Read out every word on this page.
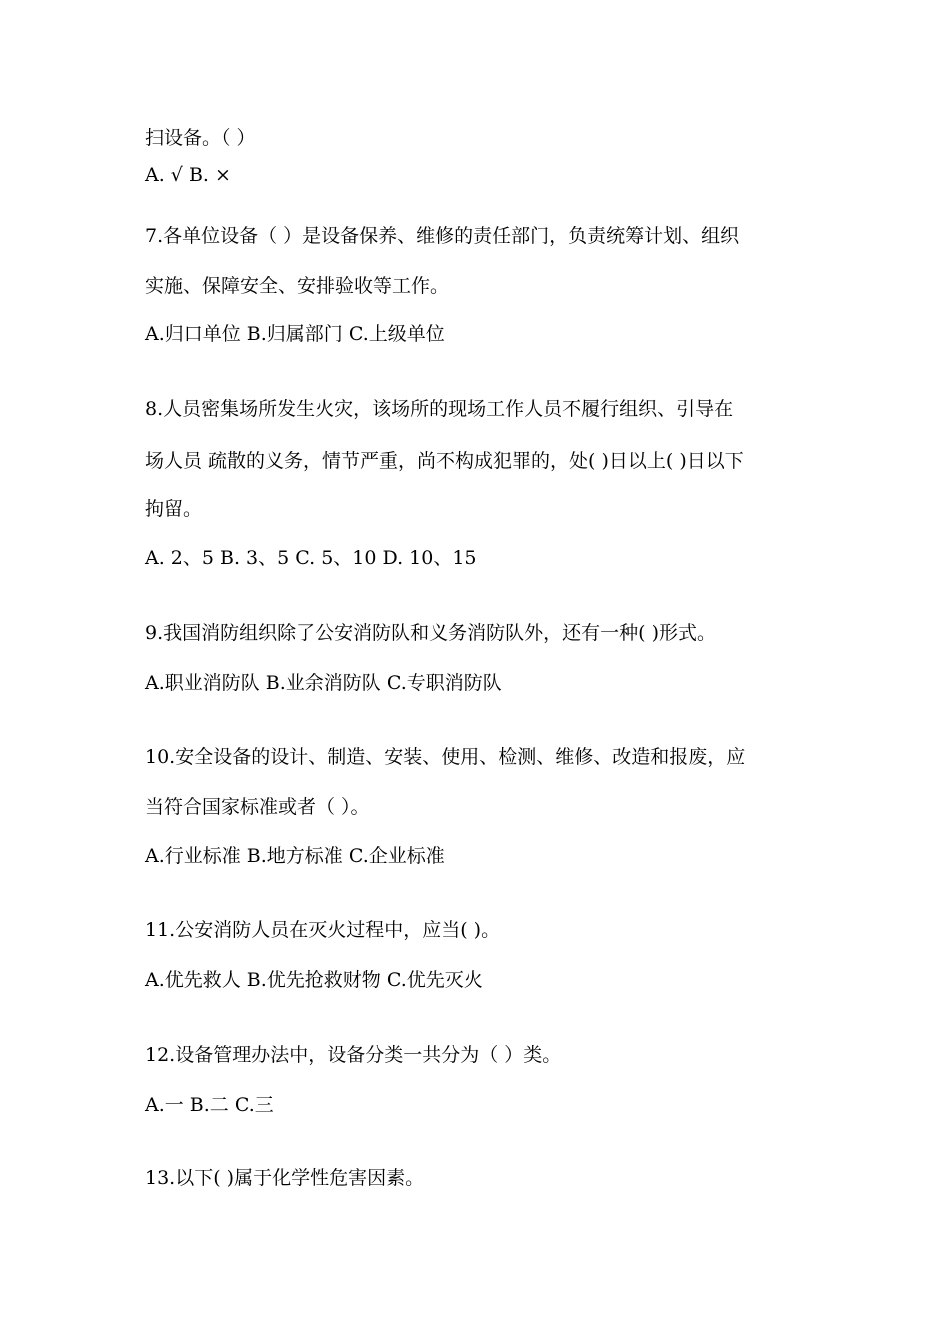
扫设备。（ ）
A. √ B. ×
7.各单位设备（ ）是设备保养、维修的责任部门，负责统筹计划、组织
实施、保障安全、安排验收等工作。
A.归口单位 B.归属部门 C.上级单位
8.人员密集场所发生火灾，该场所的现场工作人员不履行组织、引导在
场人员 疏散的义务，情节严重，尚不构成犯罪的，处( )日以上( )日以下
拘留。
A. 2、5 B. 3、5 C. 5、10 D. 10、15
9.我国消防组织除了公安消防队和义务消防队外，还有一种( )形式。
A.职业消防队 B.业余消防队 C.专职消防队
10.安全设备的设计、制造、安装、使用、检测、维修、改造和报废，应
当符合国家标准或者（ ）。
A.行业标准 B.地方标准 C.企业标准
11.公安消防人员在灭火过程中，应当( )。
A.优先救人 B.优先抢救财物 C.优先灭火
12.设备管理办法中，设备分类一共分为（ ）类。
A.一 B.二 C.三
13.以下( )属于化学性危害因素。
